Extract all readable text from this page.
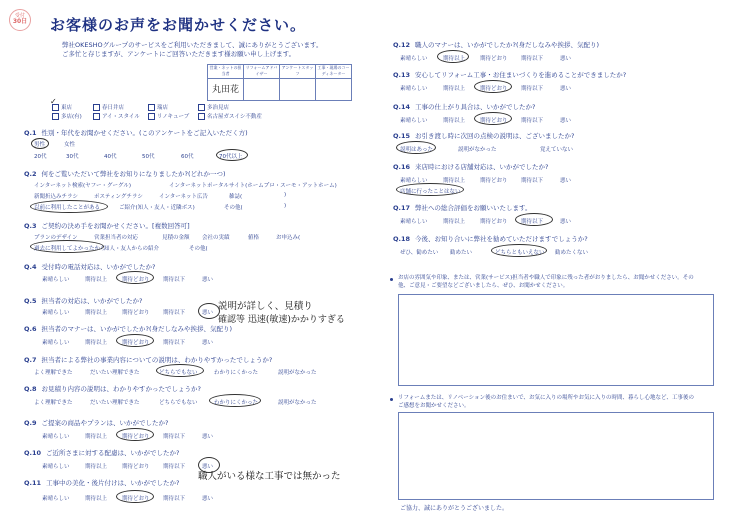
受付
30日 お客様のお声をお聞かせください。
弊社OKESHOグループのサービスをご利用いただきまして、誠にありがとうございます。
ご多忙と存じますが、アンケートにご回答いただきます様お願い申し上げます。
営業・ネットの担当者
リフォームアドバイザー
アンケートスタッフ
工事・現場のコーディネーター
丸田花
東店
✓
春日井店	瑞店	多治見店
多店(有)	アイ・スタイル	リノキューブ	名古屋ガスイシ不動産
Q.1 性別・年代をお聞かせください。(このアンケートをご記入いただく方)
男性	女性
20代	30代	40代	50代	60代	70代以上
Q.2 何をご覧いただいて弊社をお知りになりましたか?(どれか一つ)
インターネット検索(ヤフー・グーグル)	インターネットポータルサイト(ホームプロ・スーモ・アットホーム)
新聞折込みチラシ	ポスティングチラシ	インターネット広告	雑誌(	)
以前に利用したことがある	ご紹介(知人・友人・近隣ボス)	その他(	)
Q.3 ご契約の決め手をお聞かせください。[複数回答可]
プランのデザイン	営業担当者の対応	見積の金額 会社の実績	値格	お申込み(
過去に利用してよかったから
知人・友人からの紹介	その他(
Q.4 受付時の電話対応は、いかがでしたか?
素晴らしい	期待以上	期待どおり 期待以下	悪い
Q.5 担当者の対応は、いかがでしたか?
素晴らしい	期待以上	期待どおり 期待以下	悪い
説明が詳しく、見積り
確認等 迅速(敏速)かかりすぎる
Q.6 担当者のマナーは、いかがでしたか?(身だしなみや挨拶、気配り)
素晴らしい	期待以上	期待どおり 期待以下	悪い
Q.7 担当者による弊社の事業内容についての説明は、わかりやすかったでしょうか?
よく理解できた	だいたい理解できた	どちらでもない	わかりにくかった	説明がなかった
Q.8 お見積り内容の説明は、わかりやすかったでしょうか?
よく理解できた	だいたい理解できた	どちらでもない	わかりにくかった	説明がなかった
Q.9 ご提案の商品やプランは、いかがでしたか?
素晴らしい	期待以上	期待どおり 期待以下	悪い
Q.10 ご近所さまに対する配慮は、いかがでしたか?
素晴らしい	期待以上	期待どおり 期待以下	悪い
Q.11 工事中の美化・後片付けは、いかがでしたか?
職人がいる様な工事では無かった
素晴らしい	期待以上	期待どおり 期待以下	悪い
Q.12 職人のマナーは、いかがでしたか?(身だしなみや挨拶、気配り)
素晴らしい	期待以上	期待どおり 期待以下	悪い
Q.13 安心してリフォーム工事・お住まいづくりを進めることができましたか?
素晴らしい	期待以上	期待どおり 期待以下	悪い
Q.14 工事の仕上がり具合は、いかがでしたか?
素晴らしい	期待以上	期待どおり 期待以下	悪い
Q.15 お引き渡し時に次回の点検の説明は、ございましたか?
説明はあった	説明がなかった	覚えていない
Q.16 来店時における店舗対応は、いかがでしたか?
素晴らしい	期待以上	期待どおり 期待以下	悪い
店舗に行ったことはない
Q.17 弊社への総合評価をお願いいたします。
素晴らしい	期待以上	期待どおり 期待以下	悪い
Q.18 今後、お知り合いに弊社を勧めていただけますでしょうか?
ぜひ、勧めたい 勧めたい	どちらともいえない 勧めたくない
お店の雰囲気や印象、または、営業(サービス)担当者や職人で印象に残った者がおりましたら、お聞かせください。その他、ご意見・ご要望などございましたら、ぜひ、お聞かせください。
リフォームまたは、リノベーション後のお住まいで、お気に入りの場所やお気に入りの時間、暮らし心地など、工事後のご感想をお聞かせください。
ご協力、誠にありがとうございました。
